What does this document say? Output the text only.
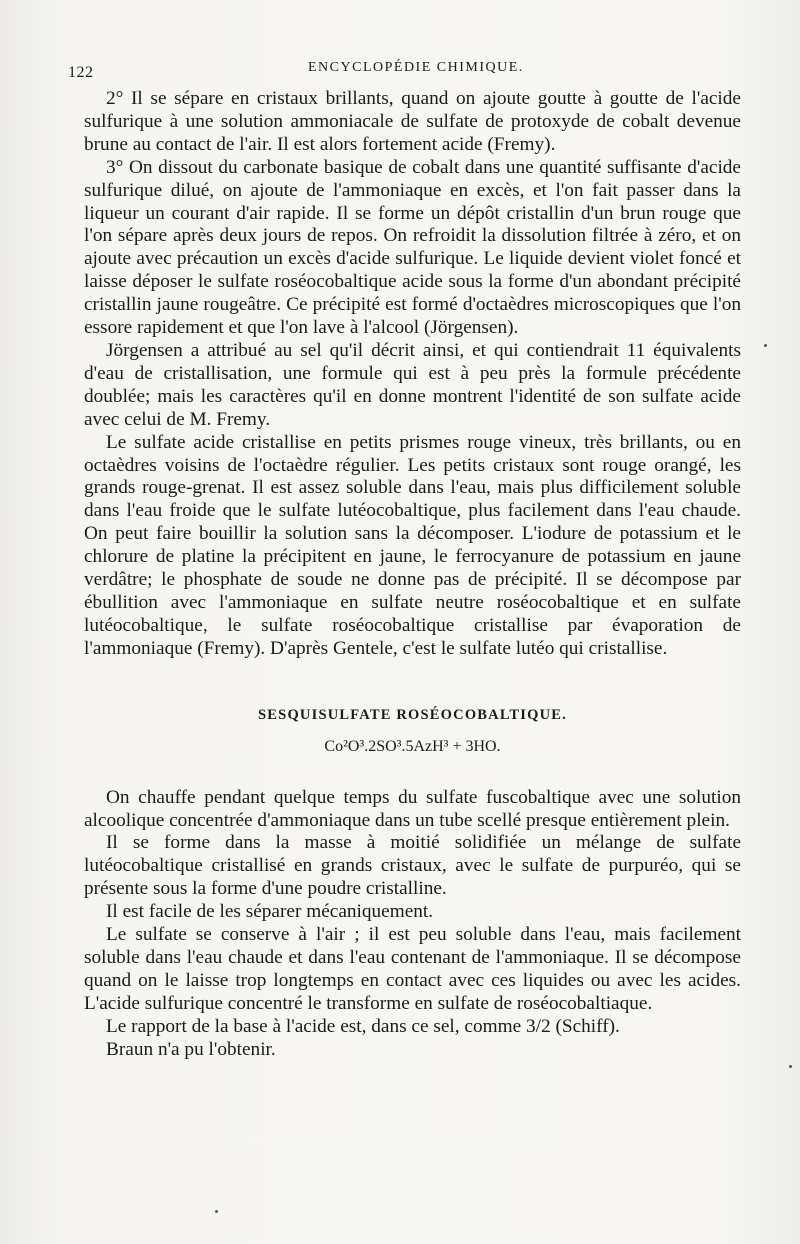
122	ENCYCLOPÉDIE CHIMIQUE.

2° Il se sépare en cristaux brillants, quand on ajoute goutte à goutte de l'acide sulfurique à une solution ammoniacale de sulfate de protoxyde de cobalt devenue brune au contact de l'air. Il est alors fortement acide (Fremy).

3° On dissout du carbonate basique de cobalt dans une quantité suffisante d'acide sulfurique dilué, on ajoute de l'ammoniaque en excès, et l'on fait passer dans la liqueur un courant d'air rapide. Il se forme un dépôt cristallin d'un brun rouge que l'on sépare après deux jours de repos. On refroidit la dissolution filtrée à zéro, et on ajoute avec précaution un excès d'acide sulfurique. Le liquide devient violet foncé et laisse déposer le sulfate roséocobaltique acide sous la forme d'un abondant précipité cristallin jaune rougeâtre. Ce précipité est formé d'octaèdres microscopiques que l'on essore rapidement et que l'on lave à l'alcool (Jörgensen).

Jörgensen a attribué au sel qu'il décrit ainsi, et qui contiendrait 11 équivalents d'eau de cristallisation, une formule qui est à peu près la formule précédente doublée; mais les caractères qu'il en donne montrent l'identité de son sulfate acide avec celui de M. Fremy.

Le sulfate acide cristallise en petits prismes rouge vineux, très brillants, ou en octaèdres voisins de l'octaèdre régulier. Les petits cristaux sont rouge orangé, les grands rouge-grenat. Il est assez soluble dans l'eau, mais plus difficilement soluble dans l'eau froide que le sulfate lutéocobaltique, plus facilement dans l'eau chaude. On peut faire bouillir la solution sans la décomposer. L'iodure de potassium et le chlorure de platine la précipitent en jaune, le ferrocyanure de potassium en jaune verdâtre; le phosphate de soude ne donne pas de précipité. Il se décompose par ébullition avec l'ammoniaque en sulfate neutre roséocobaltique et en sulfate lutéocobaltique, le sulfate roséocobaltique cristallise par évaporation de l'ammoniaque (Fremy). D'après Gentele, c'est le sulfate lutéo qui cristallise.

SESQUISULFATE ROSÉOCOBALTIQUE.
Co²O³.2SO³.5AzH³ + 3HO.

On chauffe pendant quelque temps du sulfate fuscobaltique avec une solution alcoolique concentrée d'ammoniaque dans un tube scellé presque entièrement plein.

Il se forme dans la masse à moitié solidifiée un mélange de sulfate lutéocobaltique cristallisé en grands cristaux, avec le sulfate de purpuréo, qui se présente sous la forme d'une poudre cristalline.

Il est facile de les séparer mécaniquement.

Le sulfate se conserve à l'air ; il est peu soluble dans l'eau, mais facilement soluble dans l'eau chaude et dans l'eau contenant de l'ammoniaque. Il se décompose quand on le laisse trop longtemps en contact avec ces liquides ou avec les acides. L'acide sulfurique concentré le transforme en sulfate de roséocobaltiaque.

Le rapport de la base à l'acide est, dans ce sel, comme 3/2 (Schiff).

Braun n'a pu l'obtenir.
